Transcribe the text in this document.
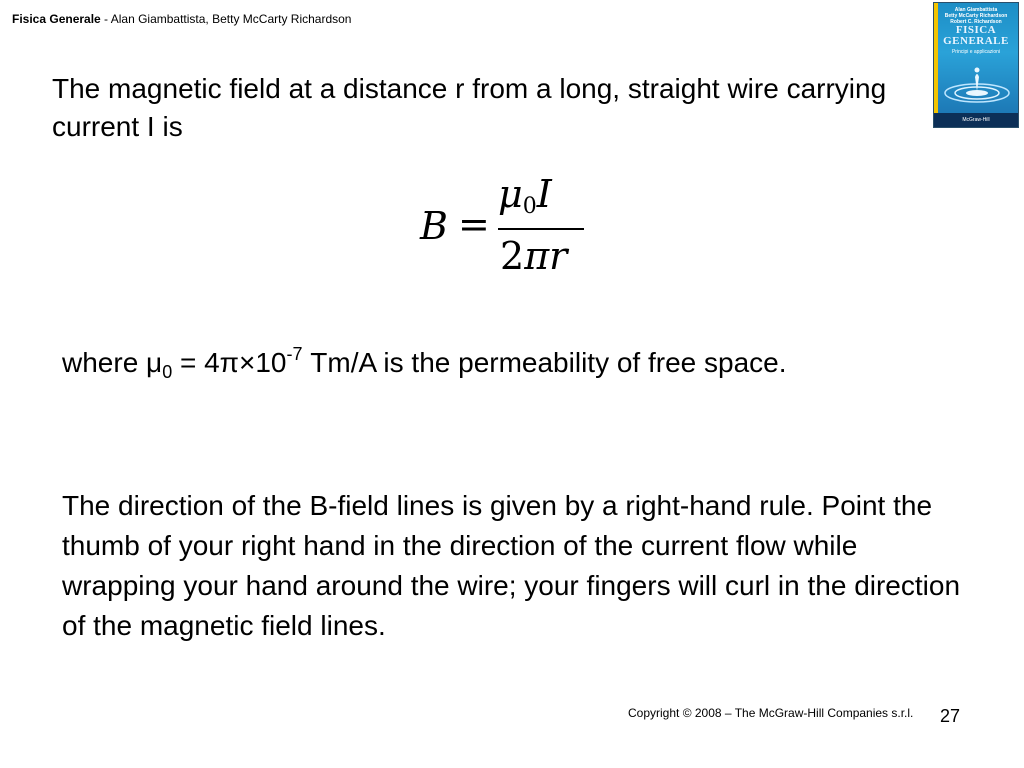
Fisica Generale - Alan Giambattista, Betty McCarty Richardson
Alan Giambattista
Betty McCarty Richardson
Robert C. Richardson
FISICA
GENERALE
Principi e applicazioni
McGraw-Hill
The magnetic field at a distance r from a long, straight wire carrying current I is
B =
$\mu_0I$
2πr
where $\mu_0 = 4\pi\times 10^{-7}$ Tm/A is the permeability of free space.
The direction of the B-field lines is given by a right-hand rule. Point the thumb of your right hand in the direction of the current flow while wrapping your hand around the wire; your fingers will curl in the direction of the magnetic field lines.
Copyright © 2008 – The McGraw-Hill Companies s.r.l. 27
